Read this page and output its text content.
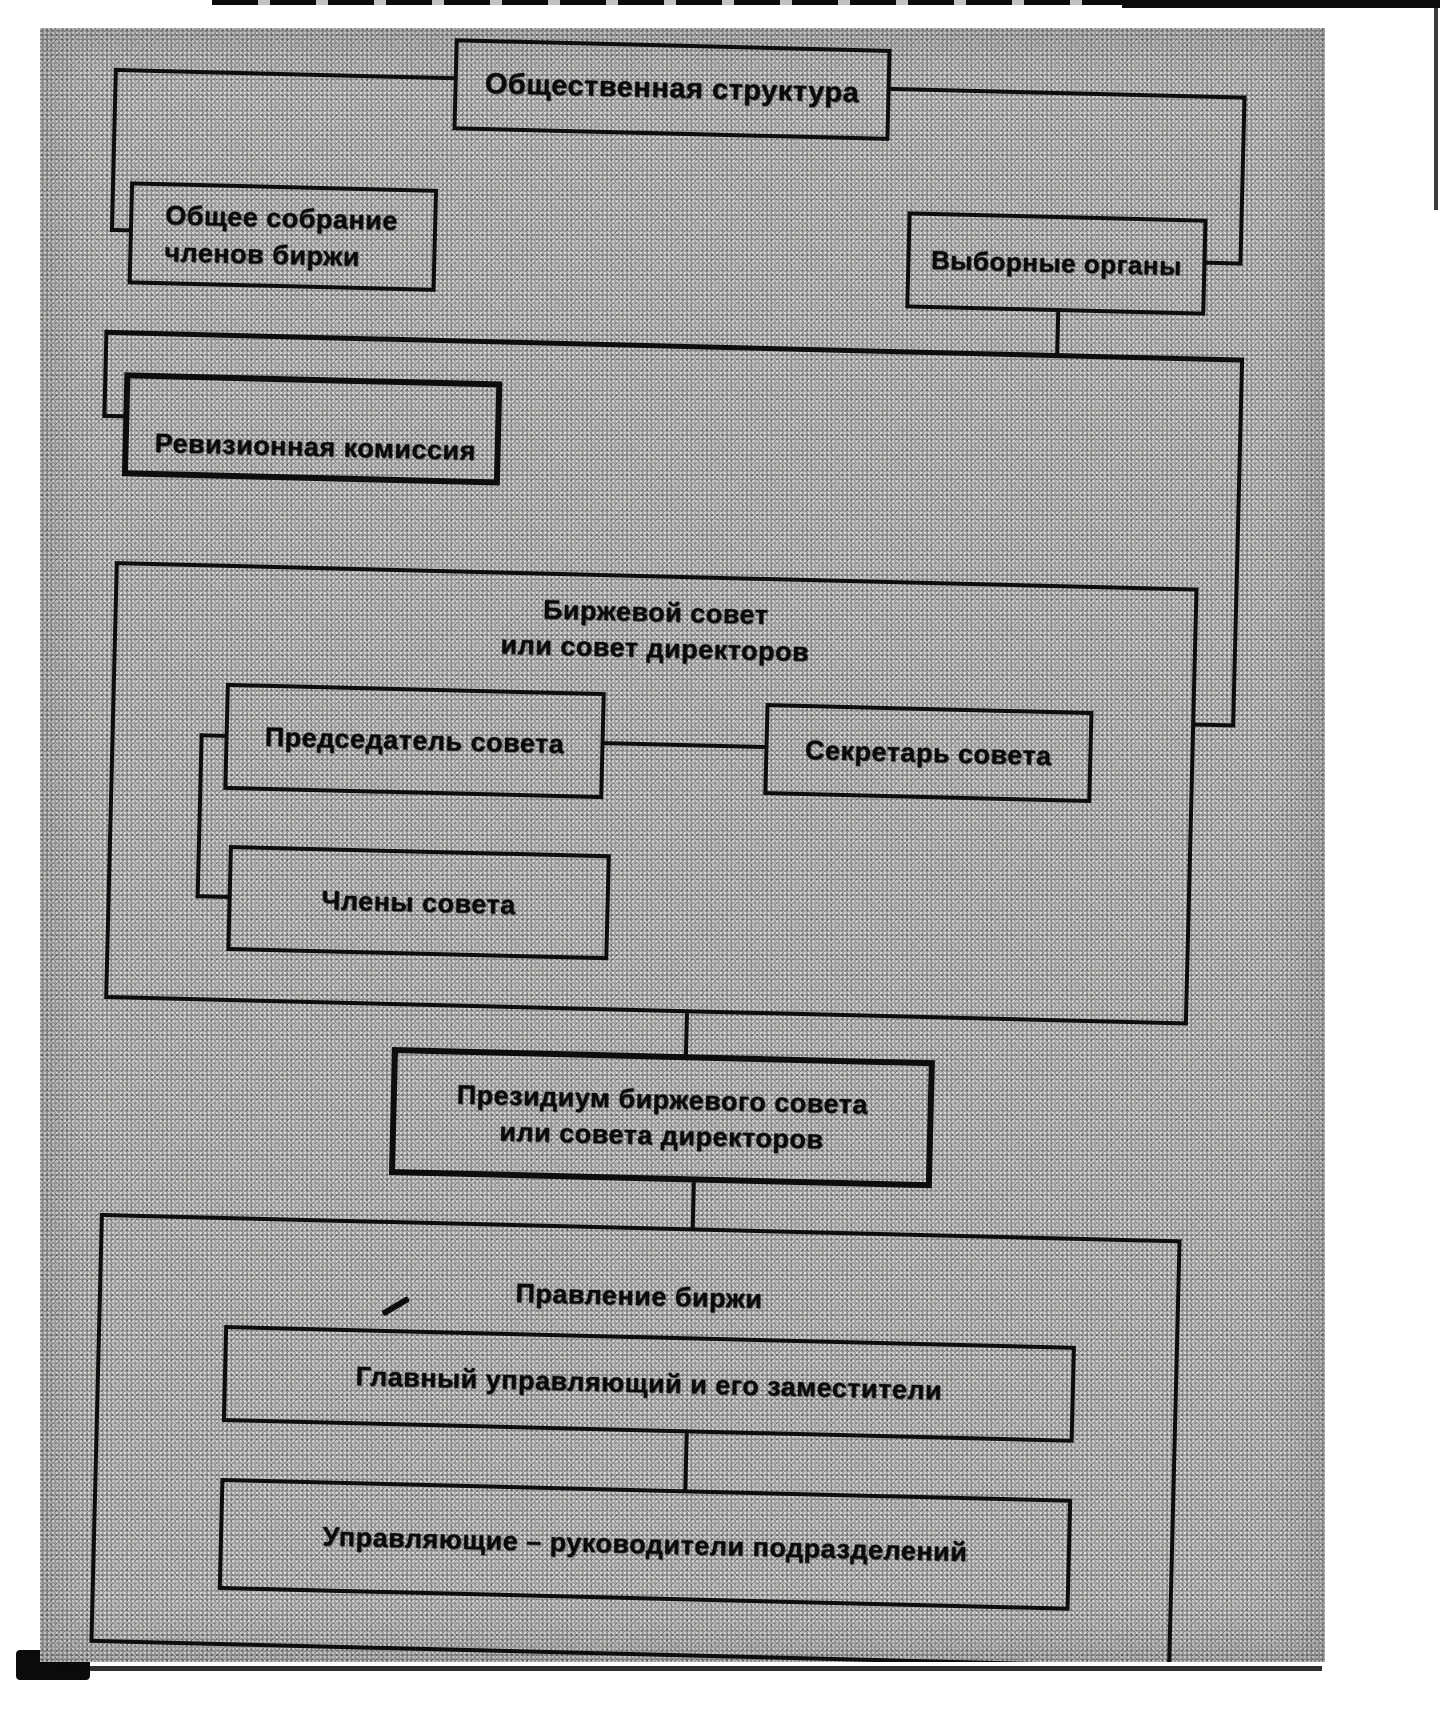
Общественная структура
Общее собрание
членов биржи	Выборные органы
Ревизионная комиссия
Биржевой совет
или совет директоров
Председатель совета	Секретарь совета
Члены совета
Президиум биржевого совета
или совета директоров
Правление биржи
Главный управляющий и его заместители
Управляющие – руководители подразделений
